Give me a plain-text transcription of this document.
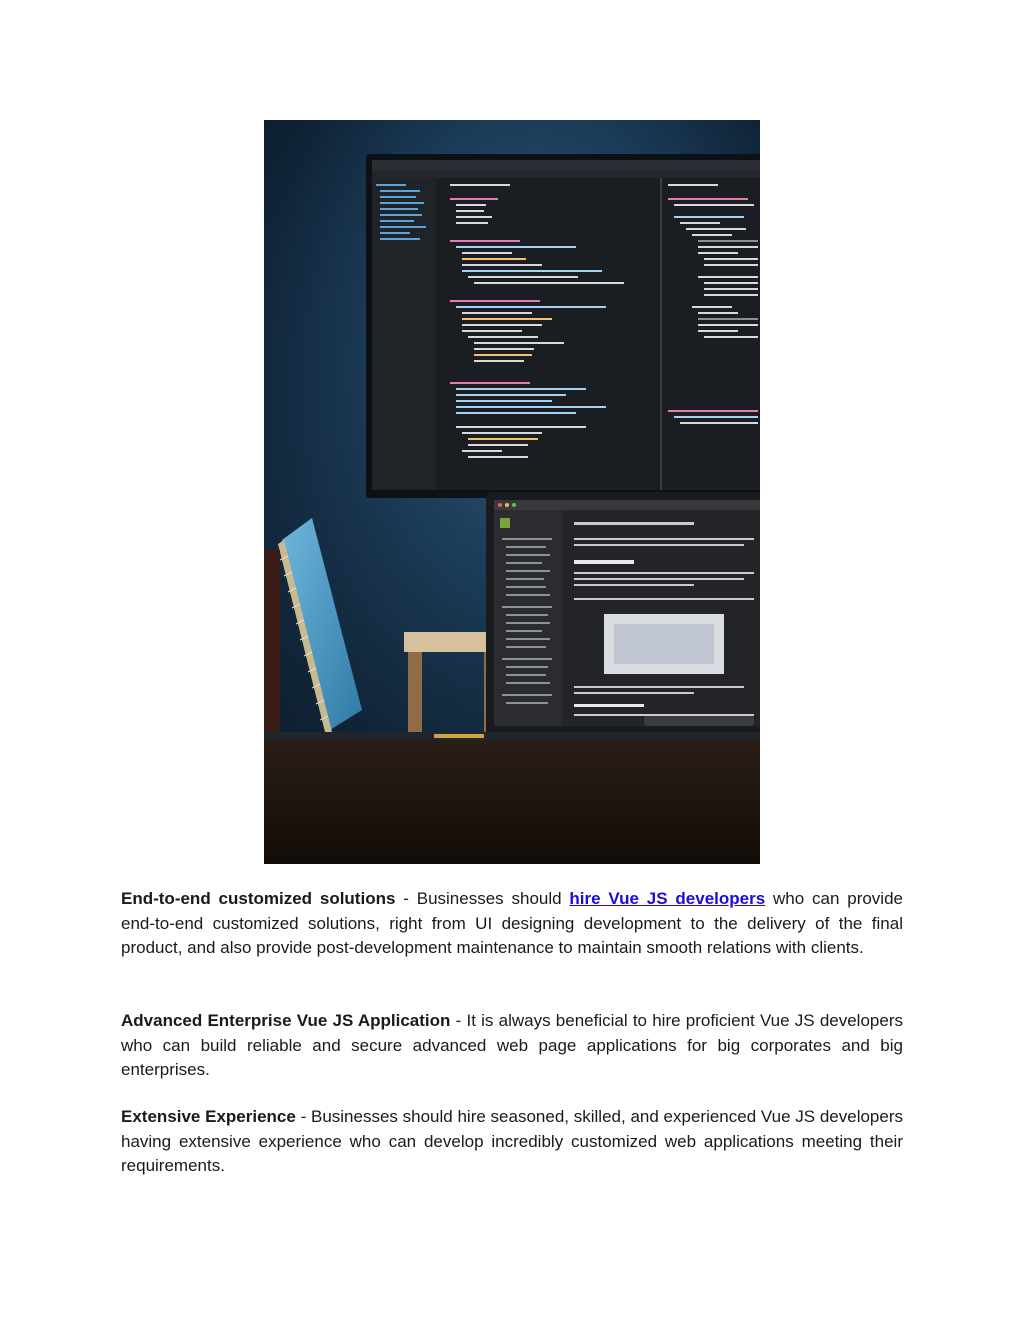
End-to-end customized solutions - Businesses should hire Vue JS developers who can provide end-to-end customized solutions, right from UI designing development to the delivery of the final product, and also provide post-development maintenance to maintain smooth relations with clients.
Advanced Enterprise Vue JS Application - It is always beneficial to hire proficient Vue JS developers who can build reliable and secure advanced web page applications for big corporates and big enterprises.
Extensive Experience - Businesses should hire seasoned, skilled, and experienced Vue JS developers having extensive experience who can develop incredibly customized web applications meeting their requirements.
